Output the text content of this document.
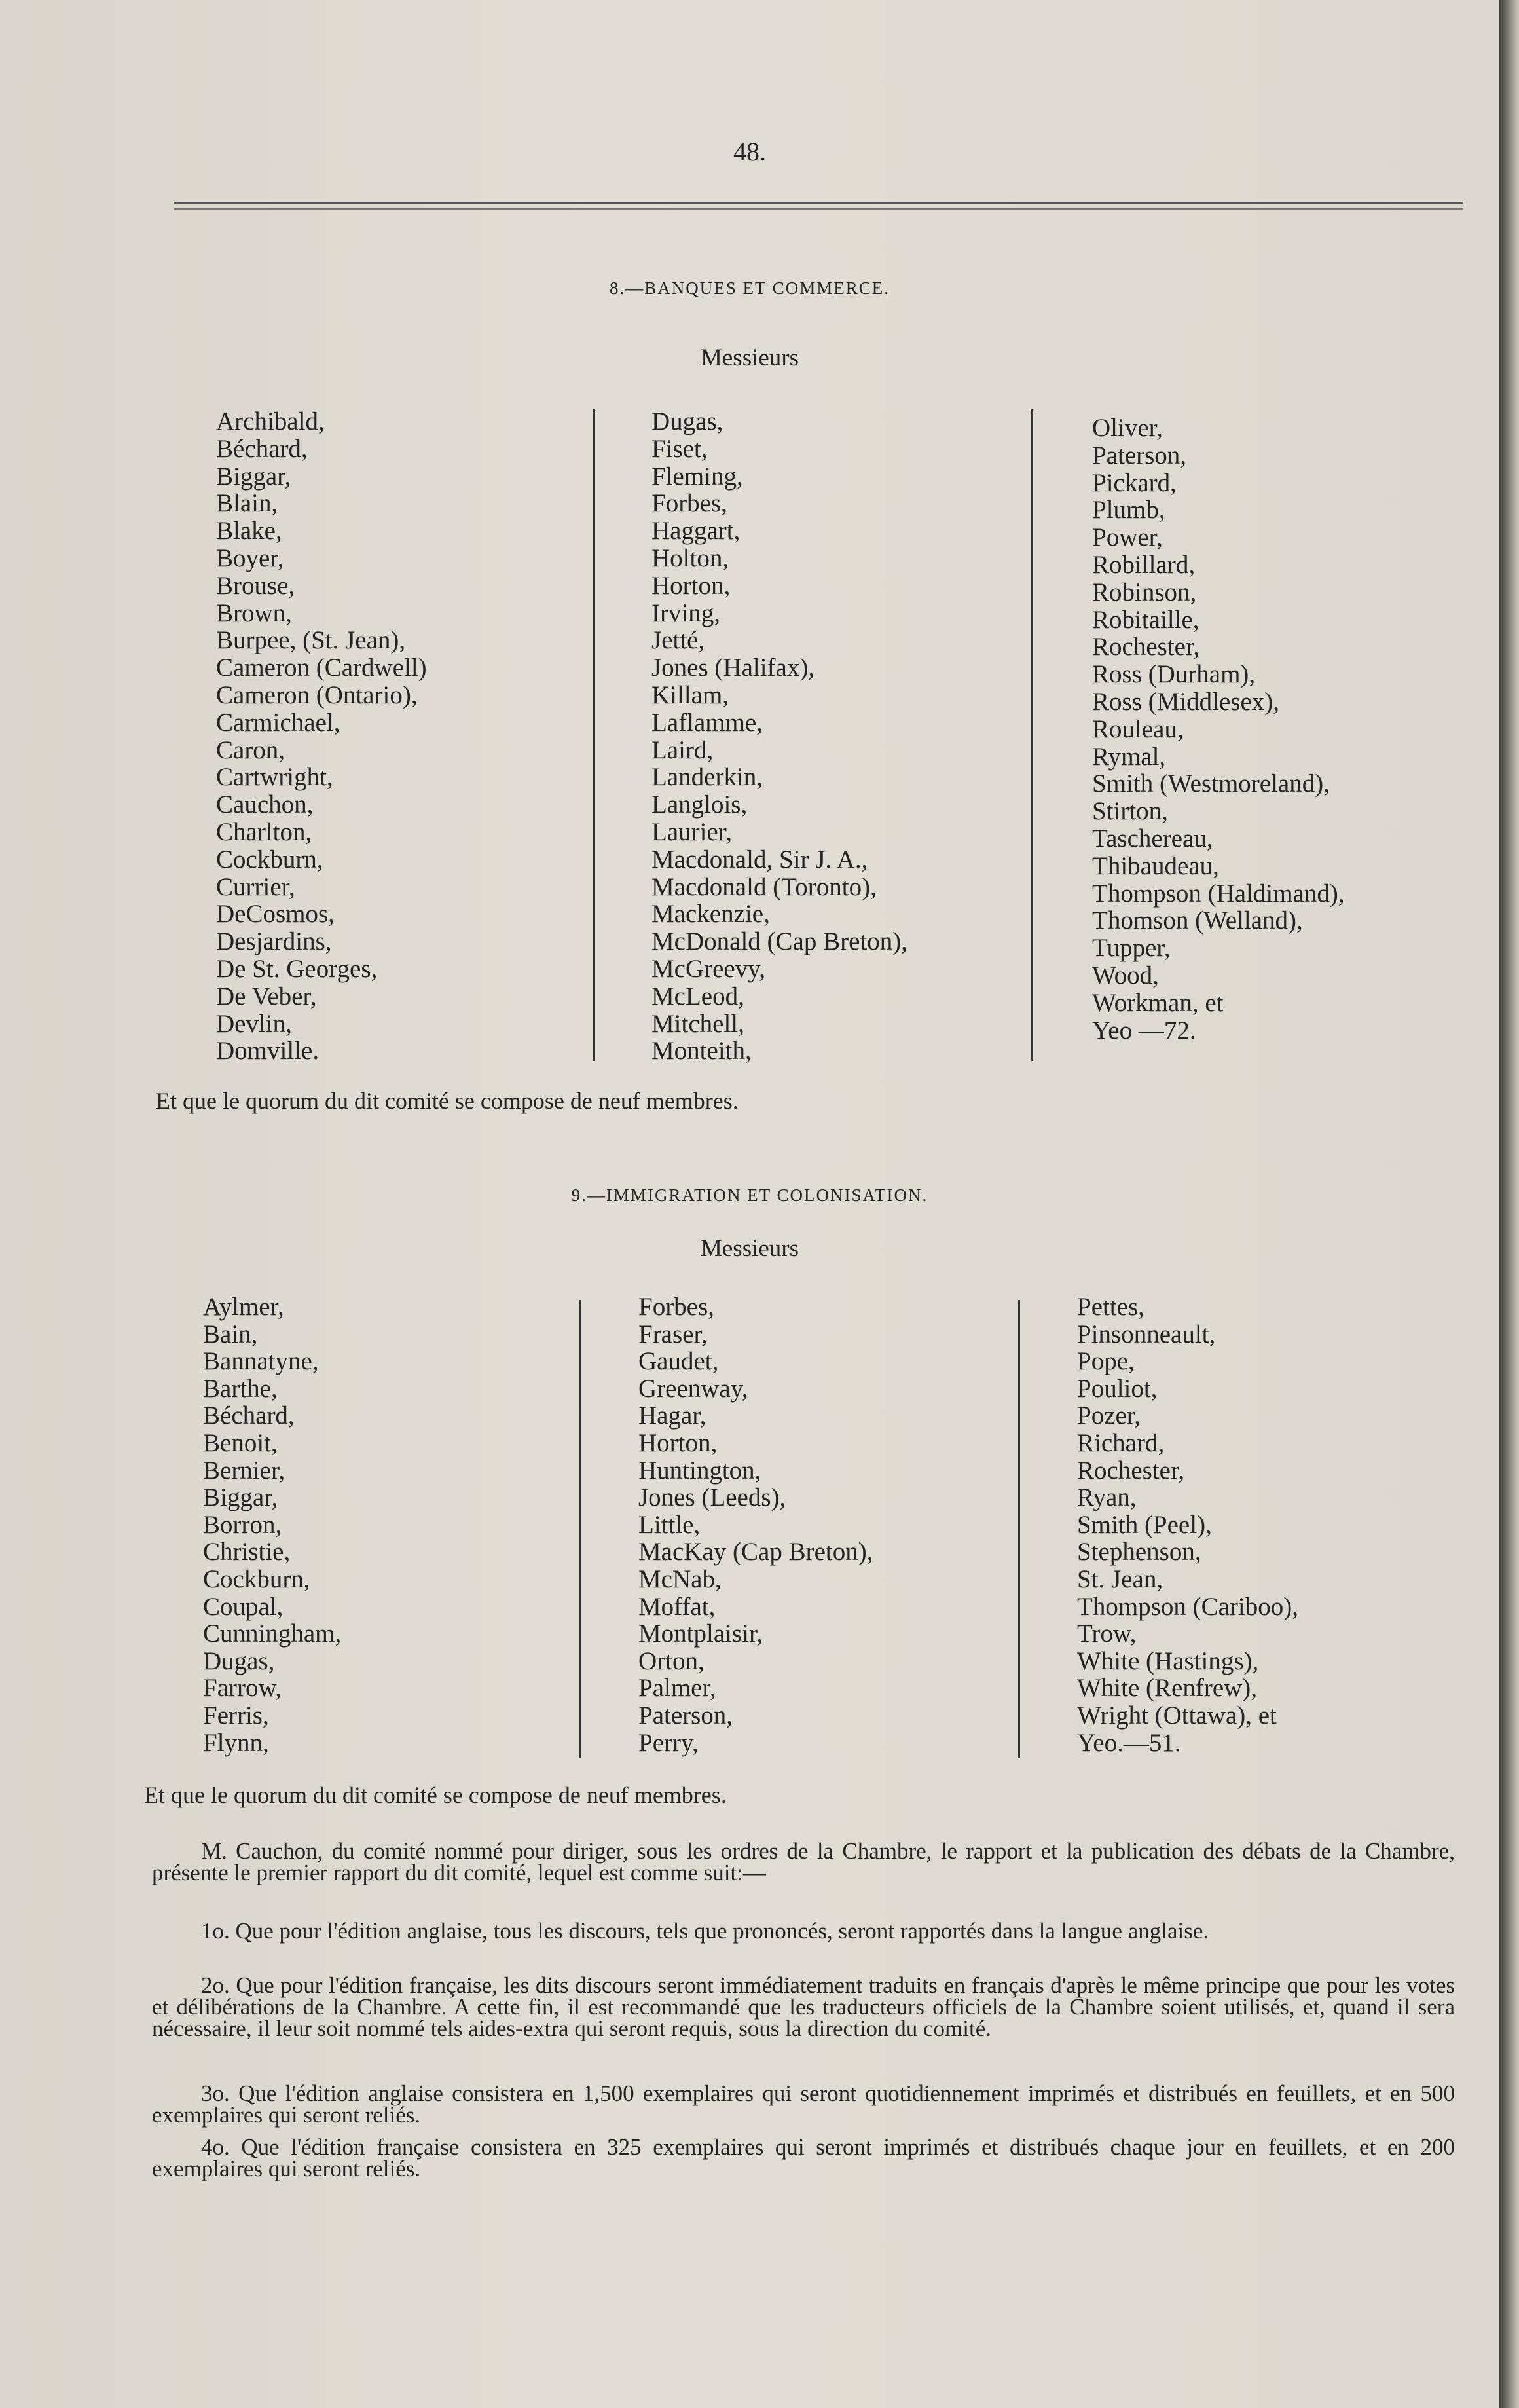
48.
8.—BANQUES ET COMMERCE.
Messieurs
Archibald,
Béchard,
Biggar,
Blain,
Blake,
Boyer,
Brouse,
Brown,
Burpee, (St. Jean),
Cameron (Cardwell)
Cameron (Ontario),
Carmichael,
Caron,
Cartwright,
Cauchon,
Charlton,
Cockburn,
Currier,
DeCosmos,
Desjardins,
De St. Georges,
De Veber,
Devlin,
Domville.
Dugas,
Fiset,
Fleming,
Forbes,
Haggart,
Holton,
Horton,
Irving,
Jetté,
Jones (Halifax),
Killam,
Laflamme,
Laird,
Landerkin,
Langlois,
Laurier,
Macdonald, Sir J. A.,
Macdonald (Toronto),
Mackenzie,
McDonald (Cap Breton),
McGreevy,
McLeod,
Mitchell,
Monteith,
Oliver,
Paterson,
Pickard,
Plumb,
Power,
Robillard,
Robinson,
Robitaille,
Rochester,
Ross (Durham),
Ross (Middlesex),
Rouleau,
Rymal,
Smith (Westmoreland),
Stirton,
Taschereau,
Thibaudeau,
Thompson (Haldimand),
Thomson (Welland),
Tupper,
Wood,
Workman, et
Yeo —72.
Et que le quorum du dit comité se compose de neuf membres.
9.—IMMIGRATION ET COLONISATION.
Messieurs
Aylmer,
Bain,
Bannatyne,
Barthe,
Béchard,
Benoit,
Bernier,
Biggar,
Borron,
Christie,
Cockburn,
Coupal,
Cunningham,
Dugas,
Farrow,
Ferris,
Flynn,
Forbes,
Fraser,
Gaudet,
Greenway,
Hagar,
Horton,
Huntington,
Jones (Leeds),
Little,
MacKay (Cap Breton),
McNab,
Moffat,
Montplaisir,
Orton,
Palmer,
Paterson,
Perry,
Pettes,
Pinsonneault,
Pope,
Pouliot,
Pozer,
Richard,
Rochester,
Ryan,
Smith (Peel),
Stephenson,
St. Jean,
Thompson (Cariboo),
Trow,
White (Hastings),
White (Renfrew),
Wright (Ottawa), et
Yeo.—51.
Et que le quorum du dit comité se compose de neuf membres.

M. Cauchon, du comité nommé pour diriger, sous les ordres de la Chambre, le rapport et la publication des débats de la Chambre, présente le premier rapport du dit comité, lequel est comme suit:—

1o. Que pour l'édition anglaise, tous les discours, tels que prononcés, seront rapportés dans la langue anglaise.

2o. Que pour l'édition française, les dits discours seront immédiatement traduits en français d'après le même principe que pour les votes et délibérations de la Chambre. A cette fin, il est recommandé que les traducteurs officiels de la Chambre soient utilisés, et, quand il sera nécessaire, il leur soit nommé tels aides-extra qui seront requis, sous la direction du comité.

3o. Que l'édition anglaise consistera en 1,500 exemplaires qui seront quotidiennement imprimés et distribués en feuillets, et en 500 exemplaires qui seront reliés.

4o. Que l'édition française consistera en 325 exemplaires qui seront imprimés et distribués chaque jour en feuillets, et en 200 exemplaires qui seront reliés.
